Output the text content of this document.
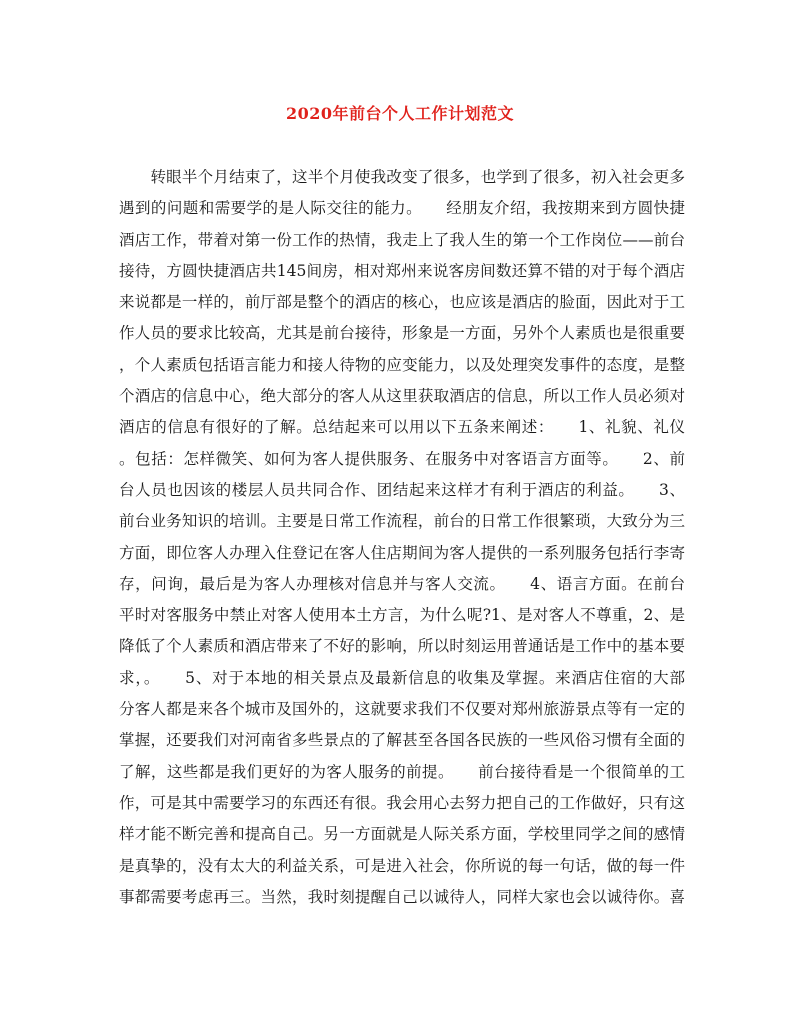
2020年前台个人工作计划范文
　　转眼半个月结束了，这半个月使我改变了很多，也学到了很多，初入社会更多
遇到的问题和需要学的是人际交往的能力。　　经朋友介绍，我按期来到方圆快捷
酒店工作，带着对第一份工作的热情，我走上了我人生的第一个工作岗位——前台
接待，方圆快捷酒店共145间房，相对郑州来说客房间数还算不错的对于每个酒店
来说都是一样的，前厅部是整个的酒店的核心，也应该是酒店的脸面，因此对于工
作人员的要求比较高，尤其是前台接待，形象是一方面，另外个人素质也是很重要
，个人素质包括语言能力和接人待物的应变能力，以及处理突发事件的态度，是整
个酒店的信息中心，绝大部分的客人从这里获取酒店的信息，所以工作人员必须对
酒店的信息有很好的了解。总结起来可以用以下五条来阐述：　　1、礼貌、礼仪
。包括：怎样微笑、如何为客人提供服务、在服务中对客语言方面等。　　2、前
台人员也因该的楼层人员共同合作、团结起来这样才有利于酒店的利益。　　3、
前台业务知识的培训。主要是日常工作流程，前台的日常工作很繁琐，大致分为三
方面，即位客人办理入住登记在客人住店期间为客人提供的一系列服务包括行李寄
存，问询，最后是为客人办理核对信息并与客人交流。　　4、语言方面。在前台
平时对客服务中禁止对客人使用本土方言，为什么呢?1、是对客人不尊重，2、是
降低了个人素质和酒店带来了不好的影响，所以时刻运用普通话是工作中的基本要
求，。　　5、对于本地的相关景点及最新信息的收集及掌握。来酒店住宿的大部
分客人都是来各个城市及国外的，这就要求我们不仅要对郑州旅游景点等有一定的
掌握，还要我们对河南省多些景点的了解甚至各国各民族的一些风俗习惯有全面的
了解，这些都是我们更好的为客人服务的前提。　　前台接待看是一个很简单的工
作，可是其中需要学习的东西还有很。我会用心去努力把自己的工作做好，只有这
样才能不断完善和提高自己。另一方面就是人际关系方面，学校里同学之间的感情
是真挚的，没有太大的利益关系，可是进入社会，你所说的每一句话，做的每一件
事都需要考虑再三。当然，我时刻提醒自己以诚待人，同样大家也会以诚待你。喜
